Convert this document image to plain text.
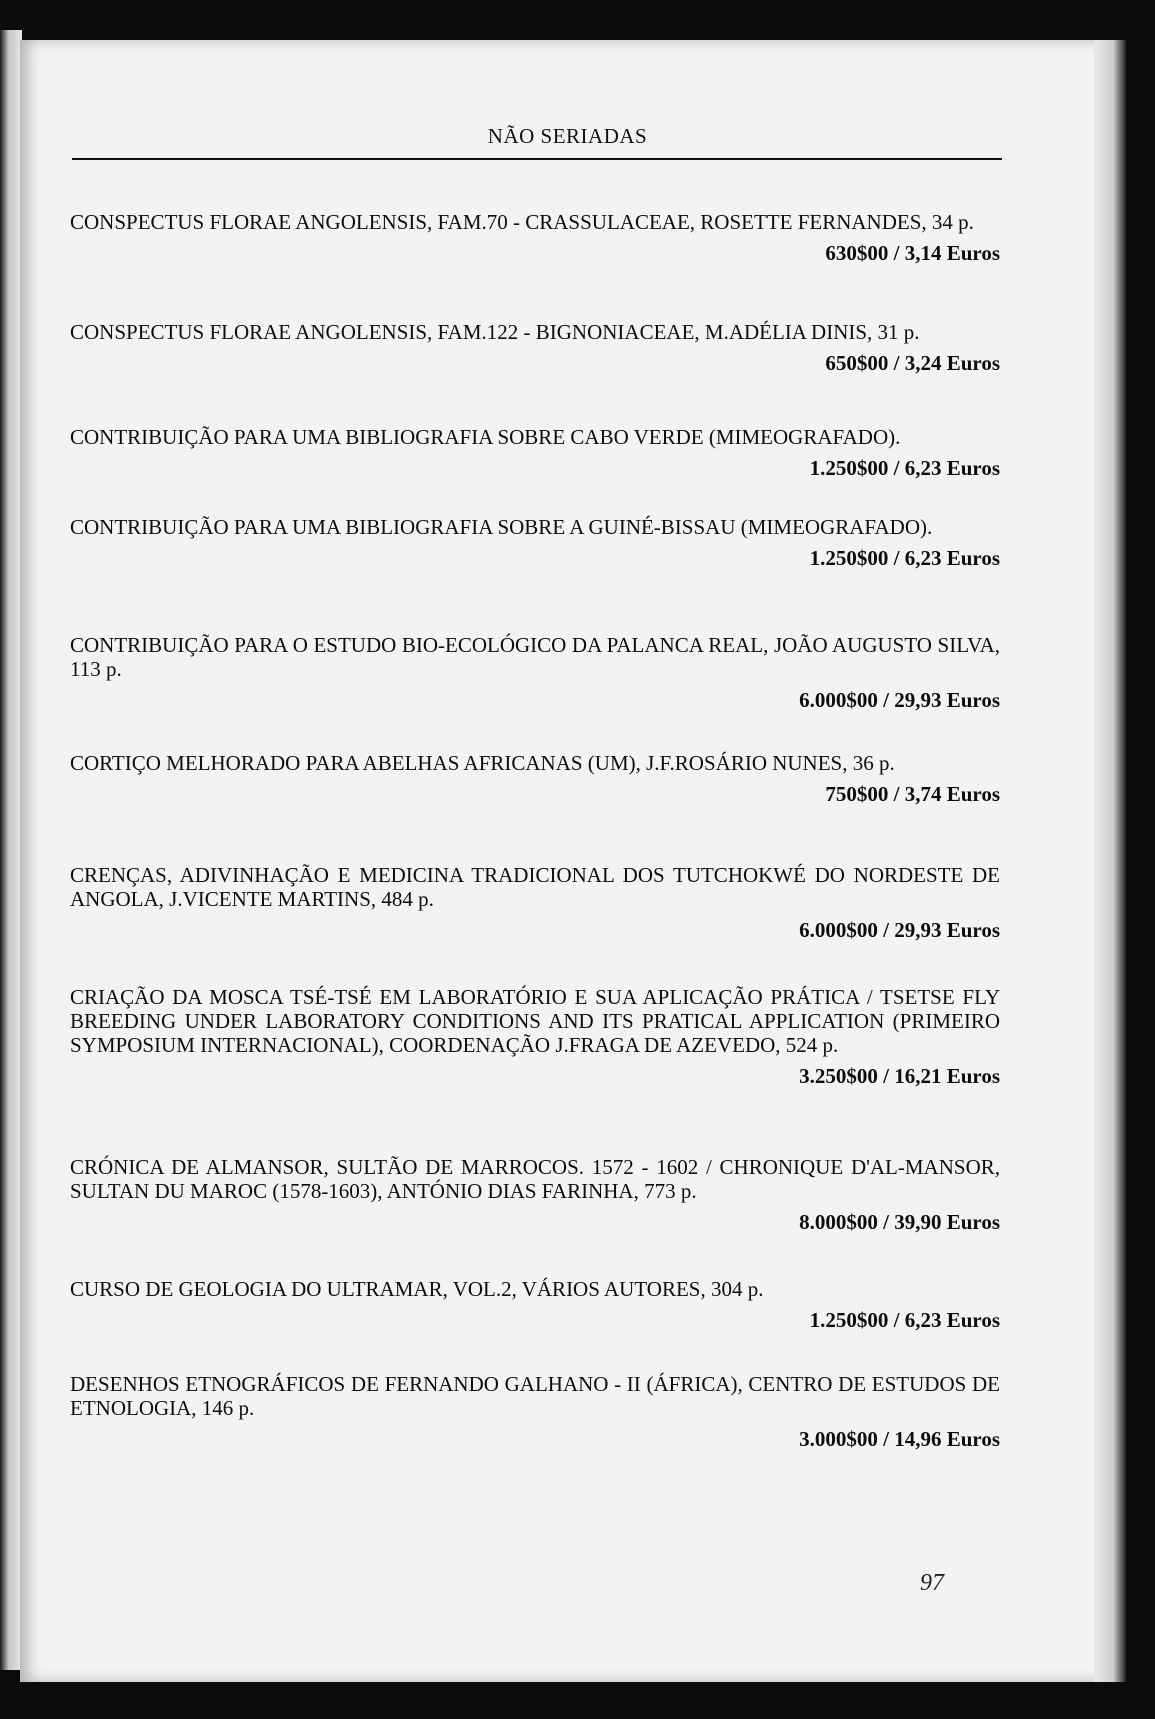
NÃO SERIADAS

CONSPECTUS FLORAE ANGOLENSIS, FAM.70 - CRASSULACEAE, ROSETTE FERNANDES, 34 p.

630$00 / 3,14 Euros

CONSPECTUS FLORAE ANGOLENSIS, FAM.122 - BIGNONIACEAE, M.ADÉLIA DINIS, 31 p.

650$00 / 3,24 Euros

CONTRIBUIÇÃO PARA UMA BIBLIOGRAFIA SOBRE CABO VERDE (MIMEOGRAFADO).

1.250$00 / 6,23 Euros

CONTRIBUIÇÃO PARA UMA BIBLIOGRAFIA SOBRE A GUINÉ-BISSAU (MIMEOGRAFADO).

1.250$00 / 6,23 Euros

CONTRIBUIÇÃO PARA O ESTUDO BIO-ECOLÓGICO DA PALANCA REAL, JOÃO AUGUSTO SILVA, 113 p.

6.000$00 / 29,93 Euros

CORTIÇO MELHORADO PARA ABELHAS AFRICANAS (UM), J.F.ROSÁRIO NUNES, 36 p.

750$00 / 3,74 Euros

CRENÇAS, ADIVINHAÇÃO E MEDICINA TRADICIONAL DOS TUTCHOKWÉ DO NORDESTE DE ANGOLA, J.VICENTE MARTINS, 484 p.

6.000$00 / 29,93 Euros

CRIAÇÃO DA MOSCA TSÉ-TSÉ EM LABORATÓRIO E SUA APLICAÇÃO PRÁTICA / TSETSE FLY BREEDING UNDER LABORATORY CONDITIONS AND ITS PRATICAL APPLICATION (PRIMEIRO SYMPOSIUM INTERNACIONAL), COORDENAÇÃO J.FRAGA DE AZEVEDO, 524 p.

3.250$00 / 16,21 Euros

CRÓNICA DE ALMANSOR, SULTÃO DE MARROCOS. 1572 - 1602 / CHRONIQUE D'AL-MANSOR, SULTAN DU MAROC (1578-1603), ANTÓNIO DIAS FARINHA, 773 p.

8.000$00 / 39,90 Euros

CURSO DE GEOLOGIA DO ULTRAMAR, VOL.2, VÁRIOS AUTORES, 304 p.

1.250$00 / 6,23 Euros

DESENHOS ETNOGRÁFICOS DE FERNANDO GALHANO - II (ÁFRICA), CENTRO DE ESTUDOS DE ETNOLOGIA, 146 p.

3.000$00 / 14,96 Euros

97
